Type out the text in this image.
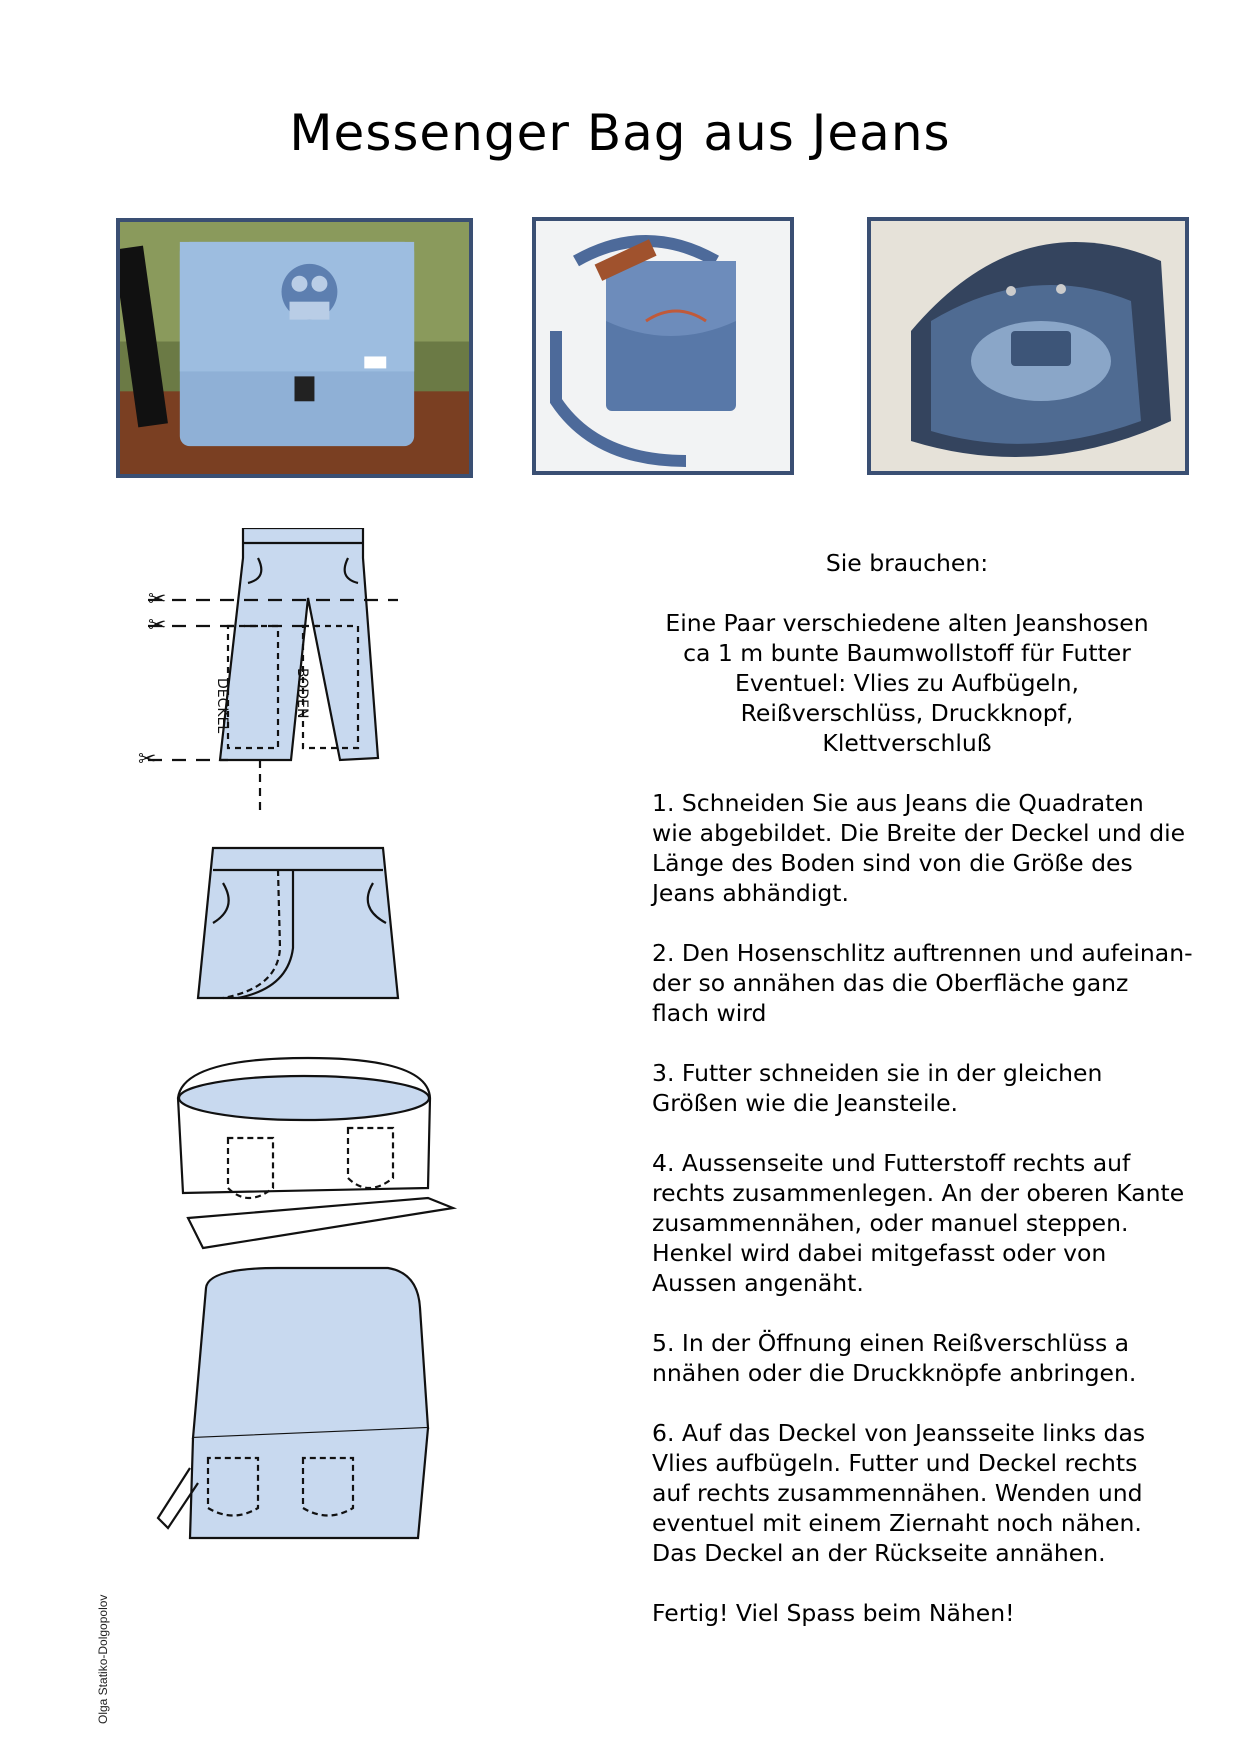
Messenger Bag aus Jeans
✂
✂
✂
DECKEL	BODEN

Sie brauchen:

Eine Paar verschiedene alten Jeanshosen

ca 1 m bunte Baumwollstoff für Futter

Eventuel: Vlies zu Aufbügeln,

Reißverschlüss, Druckknopf,

Klettverschluß

1. Schneiden Sie aus Jeans die Quadraten

wie abgebildet. Die Breite der Deckel und die

Länge des Boden sind von die Größe des

Jeans abhändigt.

2. Den Hosenschlitz auftrennen und aufeinan-

der so annähen das die Oberfläche ganz

flach wird

3. Futter schneiden sie in der gleichen

Größen wie die Jeansteile.

4. Aussenseite und Futterstoff rechts auf

rechts zusammenlegen. An der oberen Kante

zusammennähen, oder manuel steppen.

Henkel wird dabei mitgefasst oder von

Aussen angenäht.

5. In der Öffnung einen Reißverschlüss a

nnähen oder die Druckknöpfe anbringen.

6. Auf das Deckel von Jeansseite links das

Vlies aufbügeln. Futter und Deckel rechts

auf rechts zusammennähen. Wenden und

eventuel mit einem Ziernaht noch nähen.

Das Deckel an der Rückseite annähen.

Fertig! Viel Spass beim Nähen!

Olga Statiko-Dolgopolov
